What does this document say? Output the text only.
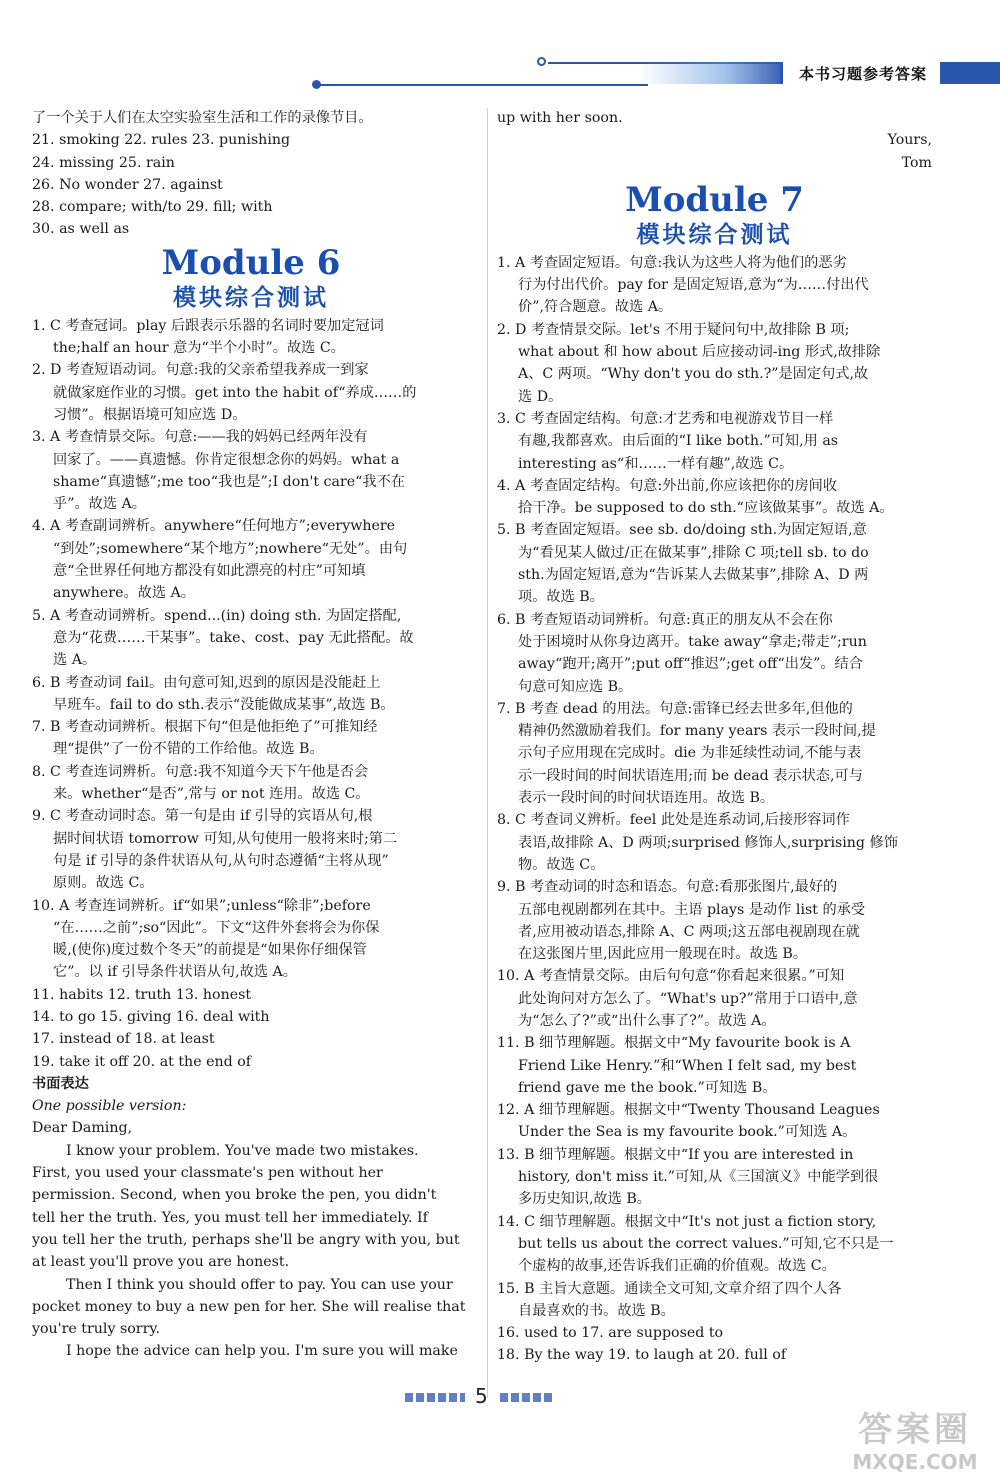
本书习题参考答案
了一个关于人们在太空实验室生活和工作的录像节目。
21. smoking 22. rules 23. punishing
24. missing 25. rain
26. No wonder 27. against
28. compare; with/to 29. fill; with
30. as well as
Module 6
模块综合测试
1. C 考查冠词。play 后跟表示乐器的名词时要加定冠词
the;half an hour 意为“半个小时”。故选 C。
2. D 考查短语动词。句意:我的父亲希望我养成一到家
就做家庭作业的习惯。get into the habit of“养成……的
习惯”。根据语境可知应选 D。
3. A 考查情景交际。句意:——我的妈妈已经两年没有
回家了。——真遗憾。你肯定很想念你的妈妈。what a
shame“真遗憾”;me too“我也是”;I don't care“我不在
乎”。故选 A。
4. A 考查副词辨析。anywhere“任何地方”;everywhere
“到处”;somewhere“某个地方”;nowhere“无处”。由句
意“全世界任何地方都没有如此漂亮的村庄”可知填
anywhere。故选 A。
5. A 考查动词辨析。spend...(in) doing sth. 为固定搭配,
意为“花费……干某事”。take、cost、pay 无此搭配。故
选 A。
6. B 考查动词 fail。由句意可知,迟到的原因是没能赶上
早班车。fail to do sth.表示“没能做成某事”,故选 B。
7. B 考查动词辨析。根据下句“但是他拒绝了”可推知经
理“提供”了一份不错的工作给他。故选 B。
8. C 考查连词辨析。句意:我不知道今天下午他是否会
来。whether“是否”,常与 or not 连用。故选 C。
9. C 考查动词时态。第一句是由 if 引导的宾语从句,根
据时间状语 tomorrow 可知,从句使用一般将来时;第二
句是 if 引导的条件状语从句,从句时态遵循“主将从现”
原则。故选 C。
10. A 考查连词辨析。if“如果”;unless“除非”;before
“在……之前”;so“因此”。下文“这件外套将会为你保
暖,(使你)度过数个冬天”的前提是“如果你仔细保管
它”。以 if 引导条件状语从句,故选 A。
11. habits 12. truth 13. honest
14. to go 15. giving 16. deal with
17. instead of 18. at least
19. take it off 20. at the end of
书面表达
One possible version:
Dear Daming,
I know your problem. You've made two mistakes.
First, you used your classmate's pen without her
permission. Second, when you broke the pen, you didn't
tell her the truth. Yes, you must tell her immediately. If
you tell her the truth, perhaps she'll be angry with you, but
at least you'll prove you are honest.
Then I think you should offer to pay. You can use your
pocket money to buy a new pen for her. She will realise that
you're truly sorry.
I hope the advice can help you. I'm sure you will make
up with her soon.
Yours,
Tom
Module 7
模块综合测试
1. A 考查固定短语。句意:我认为这些人将为他们的恶劣
行为付出代价。pay for 是固定短语,意为“为……付出代
价”,符合题意。故选 A。
2. D 考查情景交际。let's 不用于疑问句中,故排除 B 项;
what about 和 how about 后应接动词-ing 形式,故排除
A、C 两项。“Why don't you do sth.?”是固定句式,故
选 D。
3. C 考查固定结构。句意:才艺秀和电视游戏节目一样
有趣,我都喜欢。由后面的“I like both.”可知,用 as
interesting as“和……一样有趣”,故选 C。
4. A 考查固定结构。句意:外出前,你应该把你的房间收
拾干净。be supposed to do sth.“应该做某事”。故选 A。
5. B 考查固定短语。see sb. do/doing sth.为固定短语,意
为“看见某人做过/正在做某事”,排除 C 项;tell sb. to do
sth.为固定短语,意为“告诉某人去做某事”,排除 A、D 两
项。故选 B。
6. B 考查短语动词辨析。句意:真正的朋友从不会在你
处于困境时从你身边离开。take away“拿走;带走”;run
away“跑开;离开”;put off“推迟”;get off“出发”。结合
句意可知应选 B。
7. B 考查 dead 的用法。句意:雷锋已经去世多年,但他的
精神仍然激励着我们。for many years 表示一段时间,提
示句子应用现在完成时。die 为非延续性动词,不能与表
示一段时间的时间状语连用;而 be dead 表示状态,可与
表示一段时间的时间状语连用。故选 B。
8. C 考查词义辨析。feel 此处是连系动词,后接形容词作
表语,故排除 A、D 两项;surprised 修饰人,surprising 修饰
物。故选 C。
9. B 考查动词的时态和语态。句意:看那张图片,最好的
五部电视剧都列在其中。主语 plays 是动作 list 的承受
者,应用被动语态,排除 A、C 两项;这五部电视剧现在就
在这张图片里,因此应用一般现在时。故选 B。
10. A 考查情景交际。由后句句意“你看起来很累。”可知
此处询问对方怎么了。“What's up?”常用于口语中,意
为“怎么了?”或“出什么事了?”。故选 A。
11. B 细节理解题。根据文中“My favourite book is A
Friend Like Henry.”和“When I felt sad, my best
friend gave me the book.”可知选 B。
12. A 细节理解题。根据文中“Twenty Thousand Leagues
Under the Sea is my favourite book.”可知选 A。
13. B 细节理解题。根据文中“If you are interested in
history, don't miss it.”可知,从《三国演义》中能学到很
多历史知识,故选 B。
14. C 细节理解题。根据文中“It's not just a fiction story,
but tells us about the correct values.”可知,它不只是一
个虚构的故事,还告诉我们正确的价值观。故选 C。
15. B 主旨大意题。通读全文可知,文章介绍了四个人各
自最喜欢的书。故选 B。
16. used to 17. are supposed to
18. By the way 19. to laugh at 20. full of
5
答案圈
MXQE.COM
